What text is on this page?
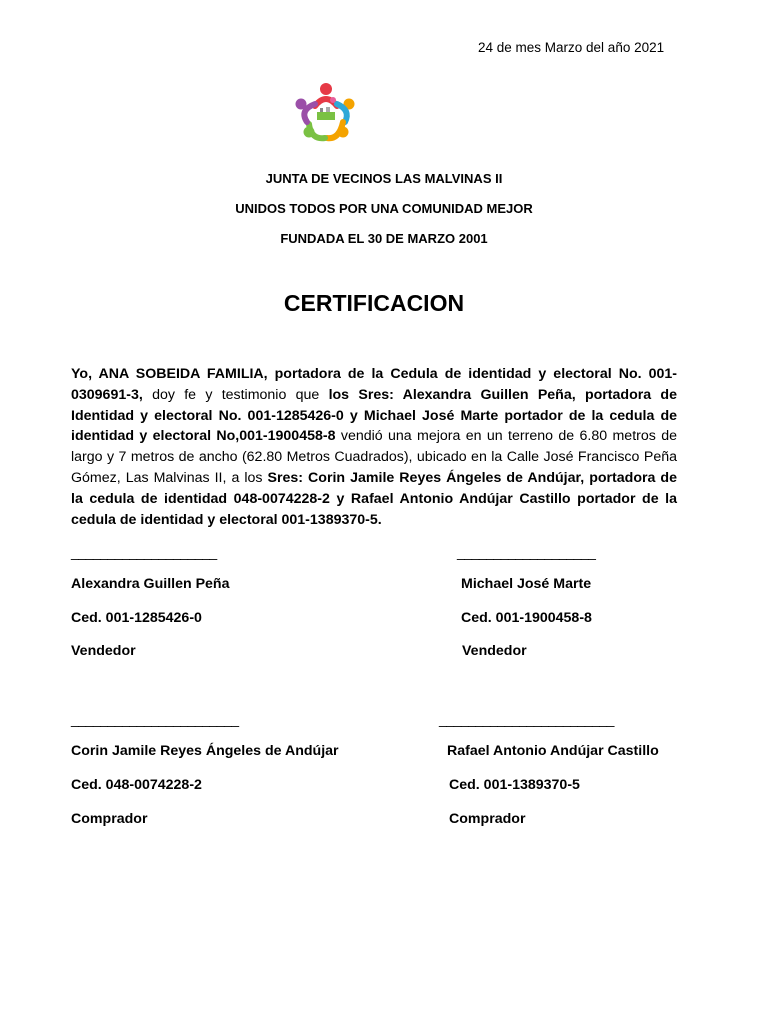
24 de mes Marzo del año 2021
JUNTA DE VECINOS LAS MALVINAS II
UNIDOS TODOS POR UNA COMUNIDAD MEJOR
FUNDADA EL 30 DE MARZO 2001
CERTIFICACION
Yo, ANA SOBEIDA FAMILIA, portadora de la Cedula de identidad y electoral No. 001-0309691-3, doy fe y testimonio que los Sres: Alexandra Guillen Peña, portadora de Identidad y electoral No. 001-1285426-0 y Michael José Marte portador de la cedula de identidad y electoral No,001-1900458-8 vendió una mejora en un terreno de 6.80 metros de largo y 7 metros de ancho (62.80 Metros Cuadrados), ubicado en la Calle José Francisco Peña Gómez, Las Malvinas II, a los Sres: Corin Jamile Reyes Ángeles de Andújar, portadora de la cedula de identidad 048-0074228-2 y Rafael Antonio Andújar Castillo portador de la cedula de identidad y electoral 001-1389370-5.
____________________
Alexandra Guillen Peña
Ced. 001-1285426-0
Vendedor
___________________
Michael José Marte
Ced. 001-1900458-8
Vendedor
_______________________
Corin Jamile Reyes Ángeles de Andújar
Ced. 048-0074228-2
Comprador
________________________
Rafael Antonio Andújar Castillo
Ced. 001-1389370-5
Comprador
